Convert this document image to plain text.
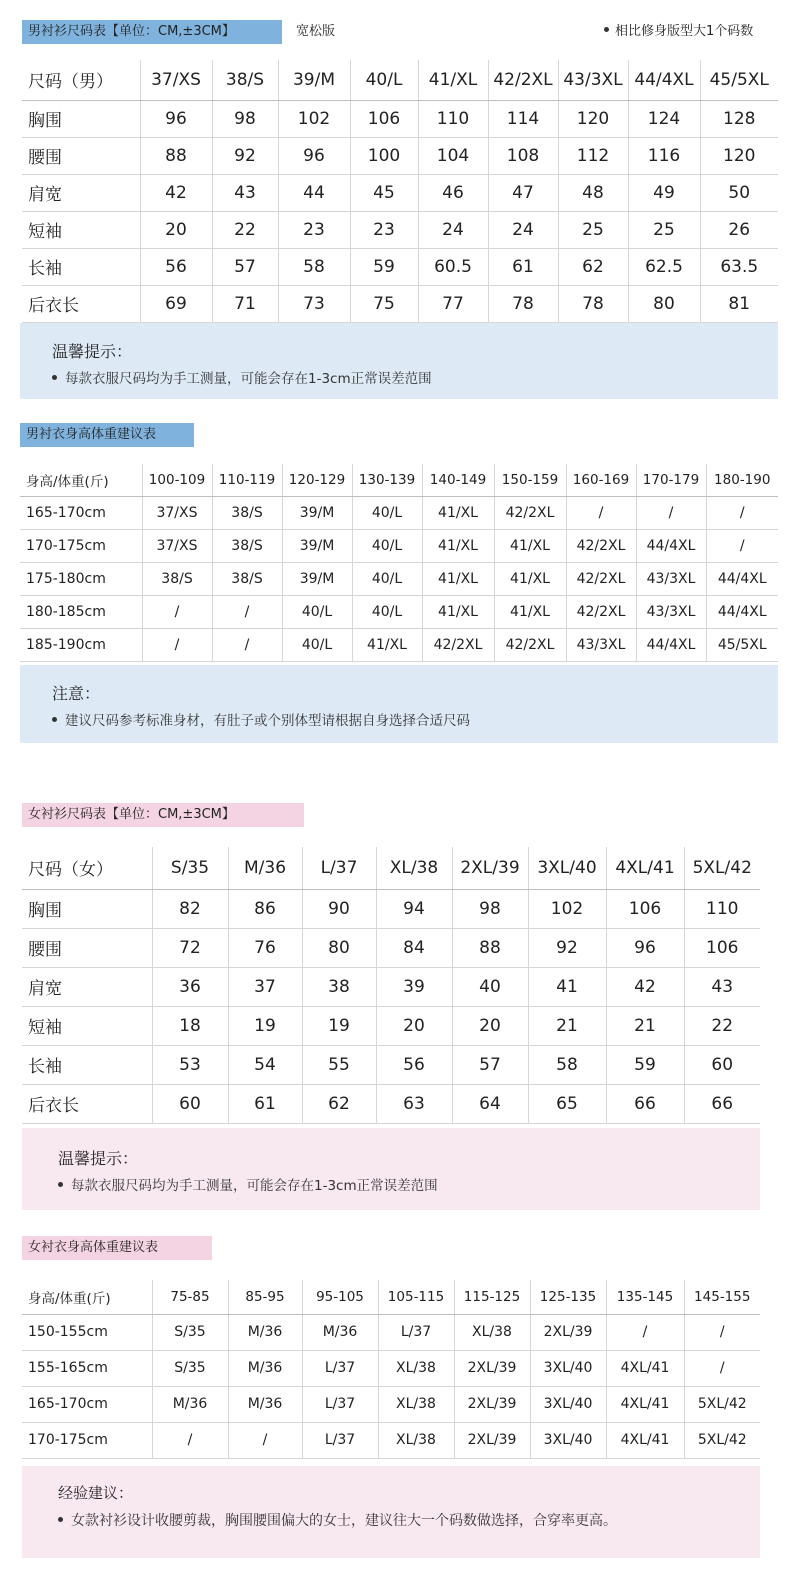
男衬衫尺码表【单位：CM,±3CM】	宽松版	相比修身版型大1个码数
尺码（男）	37/XS	38/S	39/M	40/L	41/XL	42/2XL	43/3XL	44/4XL	45/5XL
胸围	96	98	102	106	110	114	120	124	128
腰围	88	92	96	100	104	108	112	116	120
肩宽	42	43	44	45	46	47	48	49	50
短袖	20	22	23	23	24	24	25	25	26
长袖	56	57	58	59	60.5	61	62	62.5	63.5
后衣长	69	71	73	75	77	78	78	80	81
温馨提示：
每款衣服尺码均为手工测量，可能会存在1-3cm正常误差范围
男衬衣身高体重建议表
身高/体重(斤)	100-109	110-119	120-129	130-139	140-149	150-159	160-169	170-179	180-190
165-170cm	37/XS	38/S	39/M	40/L	41/XL	42/2XL	/	/	/
170-175cm	37/XS	38/S	39/M	40/L	41/XL	41/XL	42/2XL	44/4XL	/
175-180cm	38/S	38/S	39/M	40/L	41/XL	41/XL	42/2XL	43/3XL	44/4XL
180-185cm	/	/	40/L	40/L	41/XL	41/XL	42/2XL	43/3XL	44/4XL
185-190cm	/	/	40/L	41/XL	42/2XL	42/2XL	43/3XL	44/4XL	45/5XL
注意：
建议尺码参考标准身材，有肚子或个别体型请根据自身选择合适尺码
女衬衫尺码表【单位：CM,±3CM】
尺码（女）	S/35	M/36	L/37	XL/38	2XL/39	3XL/40	4XL/41	5XL/42
胸围	82	86	90	94	98	102	106	110
腰围	72	76	80	84	88	92	96	106
肩宽	36	37	38	39	40	41	42	43
短袖	18	19	19	20	20	21	21	22
长袖	53	54	55	56	57	58	59	60
后衣长	60	61	62	63	64	65	66	66
温馨提示：
每款衣服尺码均为手工测量，可能会存在1-3cm正常误差范围
女衬衣身高体重建议表
身高/体重(斤)	75-85	85-95	95-105	105-115	115-125	125-135	135-145	145-155
150-155cm	S/35	M/36	M/36	L/37	XL/38	2XL/39	/	/
155-165cm	S/35	M/36	L/37	XL/38	2XL/39	3XL/40	4XL/41	/
165-170cm	M/36	M/36	L/37	XL/38	2XL/39	3XL/40	4XL/41	5XL/42
170-175cm	/	/	L/37	XL/38	2XL/39	3XL/40	4XL/41	5XL/42
经验建议：
女款衬衫设计收腰剪裁，胸围腰围偏大的女士，建议往大一个码数做选择，合穿率更高。
